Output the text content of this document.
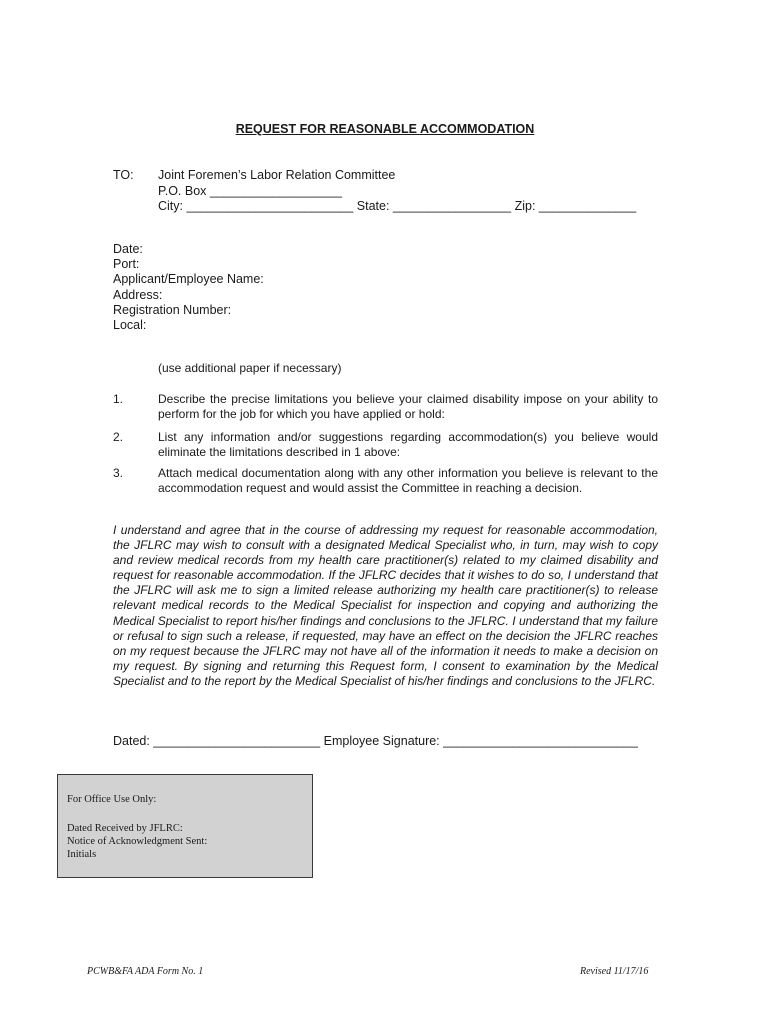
REQUEST FOR REASONABLE ACCOMMODATION
TO: Joint Foremen’s Labor Relation Committee
P.O. Box ___________________
City: ________________________ State: _________________ Zip: ______________
Date:
Port:
Applicant/Employee Name:
Address:
Registration Number:
Local:
(use additional paper if necessary)
1.	Describe the precise limitations you believe your claimed disability impose on your ability to perform for the job for which you have applied or hold:
2.	List any information and/or suggestions regarding accommodation(s) you believe would eliminate the limitations described in 1 above:
3.	Attach medical documentation along with any other information you believe is relevant to the accommodation request and would assist the Committee in reaching a decision.
I understand and agree that in the course of addressing my request for reasonable accommodation, the JFLRC may wish to consult with a designated Medical Specialist who, in turn, may wish to copy and review medical records from my health care practitioner(s) related to my claimed disability and request for reasonable accommodation. If the JFLRC decides that it wishes to do so, I understand that the JFLRC will ask me to sign a limited release authorizing my health care practitioner(s) to release relevant medical records to the Medical Specialist for inspection and copying and authorizing the Medical Specialist to report his/her findings and conclusions to the JFLRC. I understand that my failure or refusal to sign such a release, if requested, may have an effect on the decision the JFLRC reaches on my request because the JFLRC may not have all of the information it needs to make a decision on my request. By signing and returning this Request form, I consent to examination by the Medical Specialist and to the report by the Medical Specialist of his/her findings and conclusions to the JFLRC.
Dated: ________________________ Employee Signature: ____________________________
For Office Use Only:
Dated Received by JFLRC:
Notice of Acknowledgment Sent:
Initials
PCWB&FA ADA Form No. 1	Revised 11/17/16
